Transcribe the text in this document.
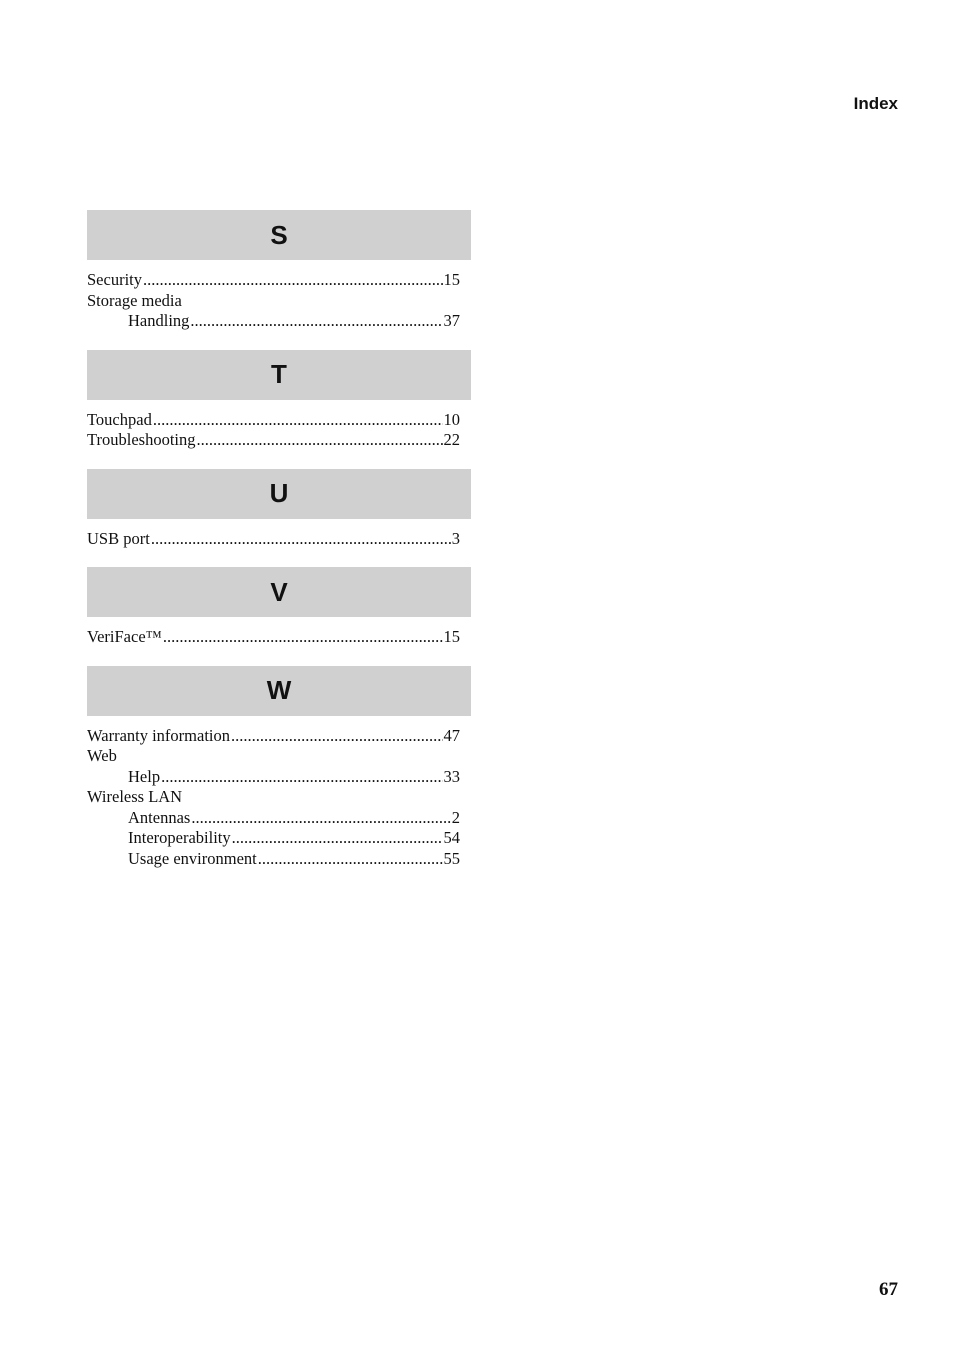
Index
S
Security .....	15
Storage media
Handling .....	37
T
Touchpad .....	10
Troubleshooting .....	22
U
USB port .....	3
V
VeriFace™ .....	15
W
Warranty information .....	47
Web
Help .....	33
Wireless LAN
Antennas .....	2
Interoperability .....	54
Usage environment .....	55
67
